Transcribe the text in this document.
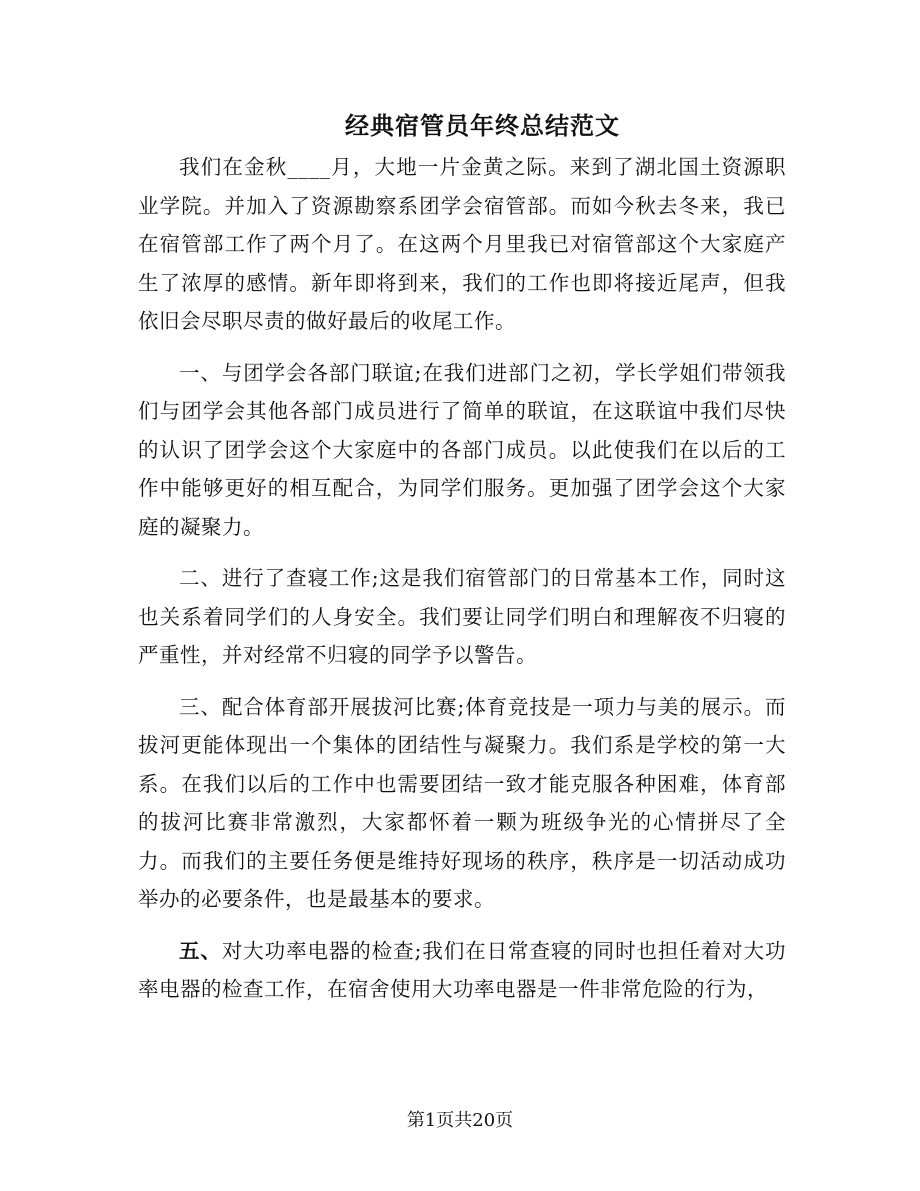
经典宿管员年终总结范文

我们在金秋____月，大地一片金黄之际。来到了湖北国土资源职业学院。并加入了资源勘察系团学会宿管部。而如今秋去冬来，我已在宿管部工作了两个月了。在这两个月里我已对宿管部这个大家庭产生了浓厚的感情。新年即将到来，我们的工作也即将接近尾声，但我依旧会尽职尽责的做好最后的收尾工作。

一、与团学会各部门联谊;在我们进部门之初，学长学姐们带领我们与团学会其他各部门成员进行了简单的联谊，在这联谊中我们尽快的认识了团学会这个大家庭中的各部门成员。以此使我们在以后的工作中能够更好的相互配合，为同学们服务。更加强了团学会这个大家庭的凝聚力。

二、进行了查寝工作;这是我们宿管部门的日常基本工作，同时这也关系着同学们的人身安全。我们要让同学们明白和理解夜不归寝的严重性，并对经常不归寝的同学予以警告。

三、配合体育部开展拔河比赛;体育竞技是一项力与美的展示。而拔河更能体现出一个集体的团结性与凝聚力。我们系是学校的第一大系。在我们以后的工作中也需要团结一致才能克服各种困难，体育部的拔河比赛非常激烈，大家都怀着一颗为班级争光的心情拼尽了全力。而我们的主要任务便是维持好现场的秩序，秩序是一切活动成功举办的必要条件，也是最基本的要求。

五、对大功率电器的检查;我们在日常查寝的同时也担任着对大功率电器的检查工作，在宿舍使用大功率电器是一件非常危险的行为，

第1页共20页
